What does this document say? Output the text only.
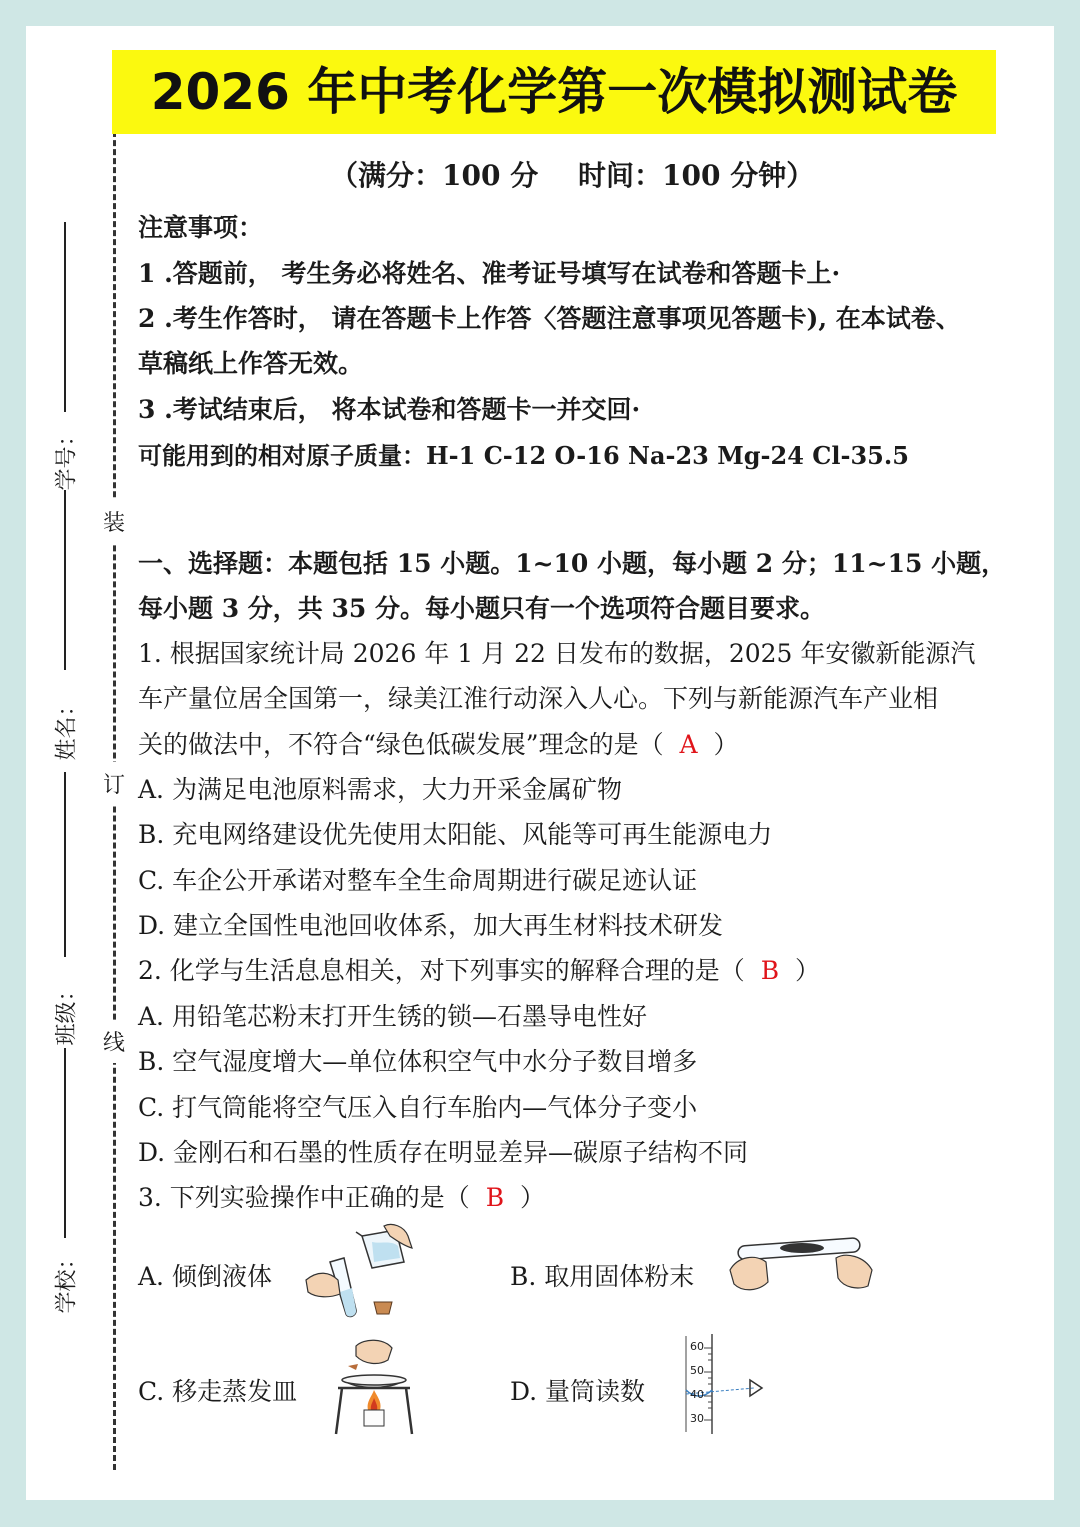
装
订
线
学号：
姓名：
班级：
学校：
2026 年中考化学第一次模拟测试卷
（满分：100 分 时间：100 分钟）
注意事项：
1 .答题前， 考生务必将姓名、准考证号填写在试卷和答题卡上·
2 .考生作答时， 请在答题卡上作答〈答题注意事项见答题卡), 在本试卷、
草稿纸上作答无效。
3 .考试结束后， 将本试卷和答题卡一并交回·
可能用到的相对原子质量：H-1 C-12 O-16 Na-23 Mg-24 Cl-35.5
一、选择题：本题包括 15 小题。1~10 小题，每小题 2 分；11~15 小题，
每小题 3 分，共 35 分。每小题只有一个选项符合题目要求。
1. 根据国家统计局 2026 年 1 月 22 日发布的数据，2025 年安徽新能源汽
车产量位居全国第一，绿美江淮行动深入人心。下列与新能源汽车产业相
关的做法中，不符合“绿色低碳发展”理念的是（ A ）
A. 为满足电池原料需求，大力开采金属矿物
B. 充电网络建设优先使用太阳能、风能等可再生能源电力
C. 车企公开承诺对整车全生命周期进行碳足迹认证
D. 建立全国性电池回收体系，加大再生材料技术研发
2. 化学与生活息息相关，对下列事实的解释合理的是（ B ）
A. 用铅笔芯粉末打开生锈的锁—石墨导电性好
B. 空气湿度增大—单位体积空气中水分子数目增多
C. 打气筒能将空气压入自行车胎内—气体分子变小
D. 金刚石和石墨的性质存在明显差异—碳原子结构不同
3. 下列实验操作中正确的是（ B ）
A. 倾倒液体	B. 取用固体粉末
C. 移走蒸发皿	D. 量筒读数
60
50
40
30
